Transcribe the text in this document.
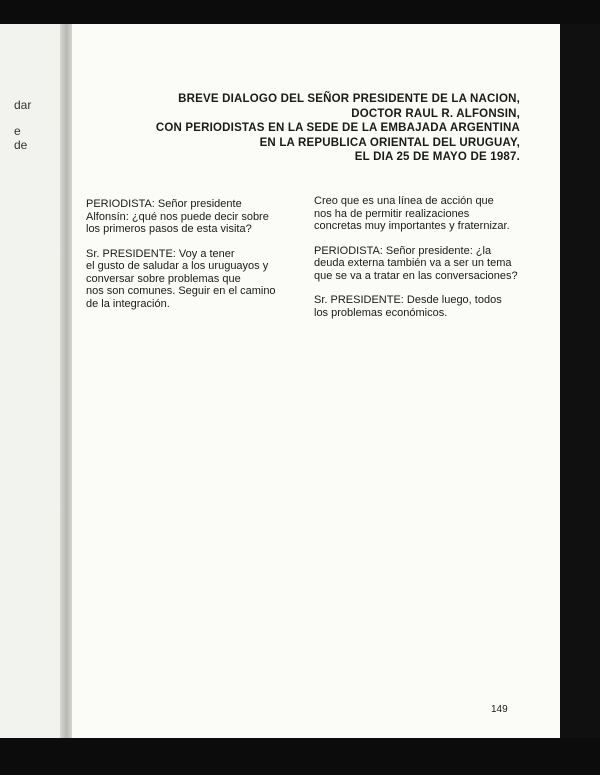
dar
e
de
BREVE DIALOGO DEL SEÑOR PRESIDENTE DE LA NACION,
DOCTOR RAUL R. ALFONSIN,
CON PERIODISTAS EN LA SEDE DE LA EMBAJADA ARGENTINA
EN LA REPUBLICA ORIENTAL DEL URUGUAY,
EL DIA 25 DE MAYO DE 1987.

PERIODISTA: Señor presidente
Alfonsín: ¿qué nos puede decir sobre
los primeros pasos de esta visita?

Sr. PRESIDENTE: Voy a tener
el gusto de saludar a los uruguayos y
conversar sobre problemas que
nos son comunes. Seguir en el camino
de la integración.

Creo que es una línea de acción que
nos ha de permitir realizaciones
concretas muy importantes y fraternizar.

PERIODISTA: Señor presidente: ¿la
deuda externa también va a ser un tema
que se va a tratar en las conversaciones?

Sr. PRESIDENTE: Desde luego, todos
los problemas económicos.

149
